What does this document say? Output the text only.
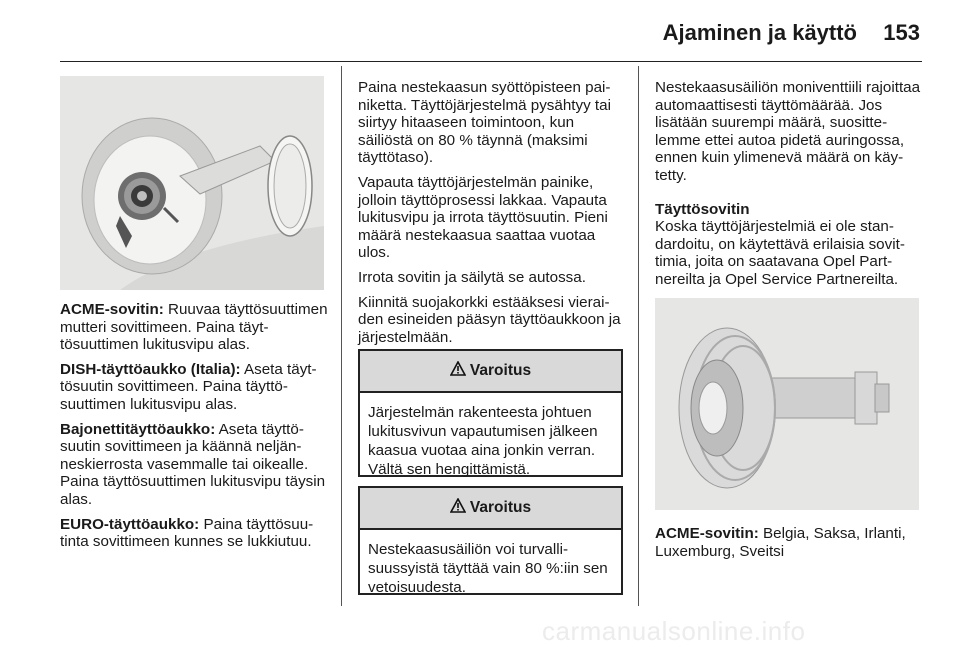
Ajaminen ja käyttö 153

ACME-sovitin: Ruuvaa täyttösuuttimen mutteri sovittimeen. Paina täyttösuuttimen lukitusvipu alas.

DISH-täyttöaukko (Italia): Aseta täyttösuutin sovittimeen. Paina täyttösuuttimen lukitusvipu alas.

Bajonettitäyttöaukko: Aseta täyttösuutin sovittimeen ja käännä neljänneskierrosta vasemmalle tai oikealle. Paina täyttösuuttimen lukitusvipu täysin alas.

EURO-täyttöaukko: Paina täyttösuutinta sovittimeen kunnes se lukkiutuu.

Paina nestekaasun syöttöpisteen painiketta. Täyttöjärjestelmä pysähtyy tai siirtyy hitaaseen toimintoon, kun säiliöstä on 80 % täynnä (maksimi täyttötaso).

Vapauta täyttöjärjestelmän painike, jolloin täyttöprosessi lakkaa. Vapauta lukitusvipu ja irrota täyttösuutin. Pieni määrä nestekaasua saattaa vuotaa ulos.

Irrota sovitin ja säilytä se autossa.

Kiinnitä suojakorkki estääksesi vieraiden esineiden pääsyn täyttöaukkoon ja järjestelmään.

Varoitus
Järjestelmän rakenteesta johtuen lukitusvivun vapautumisen jälkeen kaasua vuotaa aina jonkin verran. Vältä sen hengittämistä.
Varoitus
Nestekaasusäiliön voi turvallisuussyistä täyttää vain 80 %:iin sen vetoisuudesta.

Nestekaasusäiliön moniventtiili rajoittaa automaattisesti täyttömäärää. Jos lisätään suurempi määrä, suosittelemme ettei autoa pidetä auringossa, ennen kuin ylimenevä määrä on käytetty.

Täyttösovitin

Koska täyttöjärjestelmiä ei ole standardoitu, on käytettävä erilaisia sovittimia, joita on saatavana Opel Partnereilta ja Opel Service Partnereilta.

ACME-sovitin: Belgia, Saksa, Irlanti, Luxemburg, Sveitsi

carmanualsonline.info
